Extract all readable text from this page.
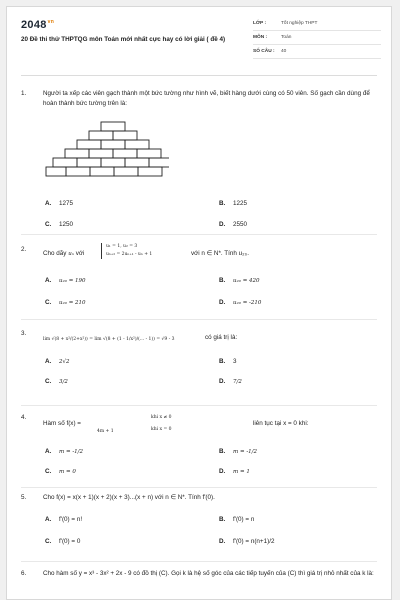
$2048^{vn}$
20 Đề thi thử THPTQG môn Toán mới nhất cực hay có lời giải ( đề 4)
LỚP :	Tốt nghiệp THPT
MÔN :	Toán
SỐ CÂU :	40
1.	Người ta xếp các viên gạch thành một bức tường như hình vẽ, biết hàng dưới cùng có 50 viên. Số gạch cần dùng để hoàn thành bức tường trên là:
A. 1275	B. 1225
C. 1250	D. 2550
2.
Cho dãy uₙ với
u₁ = 1, u₂ = 3
uₙ₊₂ = 2uₙ₊₁ - uₙ + 1	với n ∈ N*. Tính u₂₀.
A. u₂₀ = 190	B. u₂₀ = 420
C. u₂₀ = 210	D. u₂₀ = -210
3.
lim √(8 + x²/(2+x²)) = lim √(8 + (1 - 1/x²)/(... - 1)) = √9 - 3	có giá trị là:
A. 2√2	B. 3
C. 3/2	D. 7/2
4.
Hàm số f(x) =
4m + 1
khi x ≠ 0
khi x = 0
liên tục tại x = 0 khi:
A. m = -1/2	B. m = -1/2
C. m = 0	D. m = 1
5.	Cho f(x) = x(x + 1)(x + 2)(x + 3)...(x + n) với n ∈ N*. Tính f'(0).
A. f'(0) = n!	B. f'(0) = n
C. f'(0) = 0	D. f'(0) = n(n+1)/2
6.	Cho hàm số y = x³ - 3x² + 2x - 9 có đồ thị (C). Gọi k là hệ số góc của các tiếp tuyến của (C) thì giá trị nhỏ nhất của k là:
